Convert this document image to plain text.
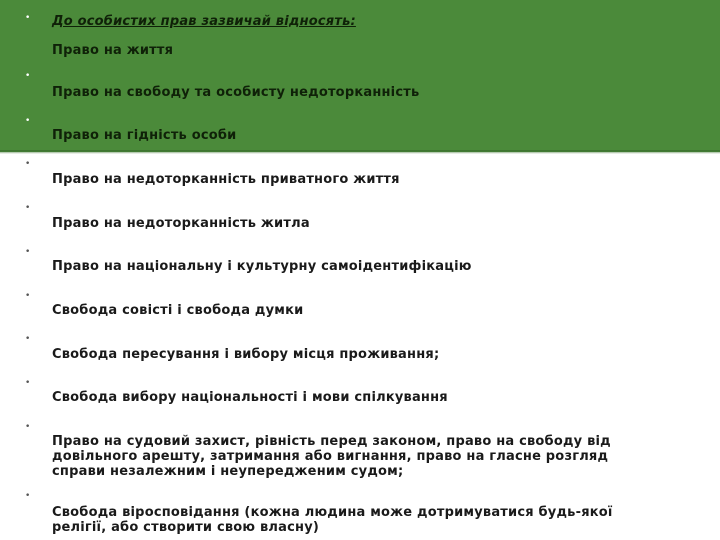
• До особистих прав зазвичай відносять:
Право на життя
•
Право на свободу та особисту недоторканність
•
Право на гідність особи
•
Право на недоторканність приватного життя
•
Право на недоторканність житла
•
Право на національну і культурну самоідентифікацію
•
Свобода совісті і свобода думки
•
Свобода пересування і вибору місця проживання;
•
Свобода вибору національності і мови спілкування
•
Право на судовий захист, рівність перед законом, право на свободу від довільного арешту, затримання або вигнання, право на гласне розгляд справи незалежним і неупередженим судом;
•
Свобода віросповідання (кожна людина може дотримуватися будь-якої релігії, або створити свою власну)
